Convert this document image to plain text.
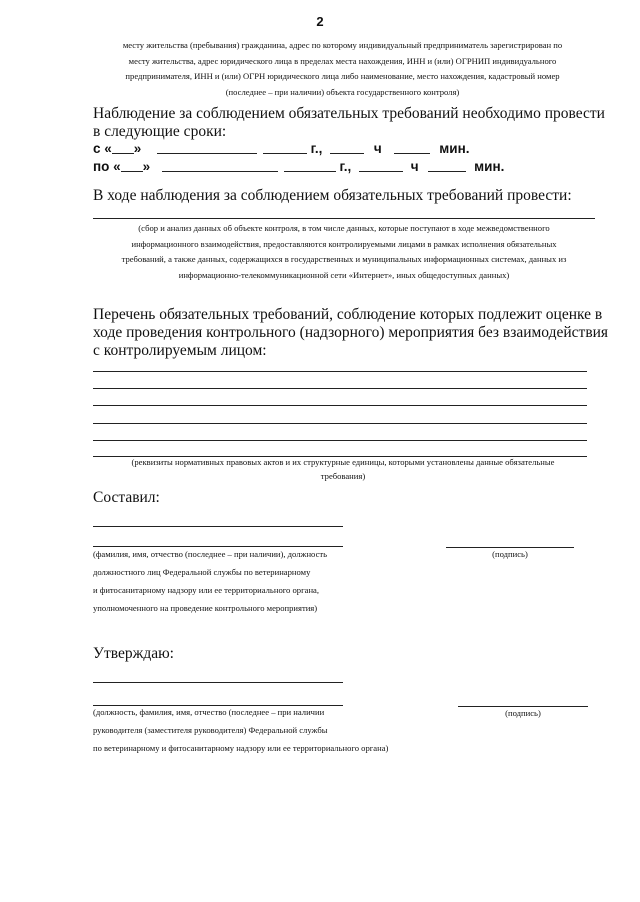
2
месту жительства (пребывания) гражданина, адрес по которому индивидуальный предприниматель зарегистрирован по
месту жительства, адрес юридического лица в пределах места нахождения, ИНН и (или) ОГРНИП индивидуального
предпринимателя, ИНН и (или) ОГРН юридического лица либо наименование, место нахождения, кадастровый номер
(последнее – при наличии) объекта государственного контроля)
Наблюдение за соблюдением обязательных требований необходимо провести
в следующие сроки:
с « »	г.,	ч	мин.
по « »	г.,	ч	мин.
В ходе наблюдения за соблюдением обязательных требований провести:
(сбор и анализ данных об объекте контроля, в том числе данных, которые поступают в ходе межведомственного
информационного взаимодействия, предоставляются контролируемыми лицами в рамках исполнения обязательных
требований, а также данных, содержащихся в государственных и муниципальных информационных системах, данных из
информационно-телекоммуникационной сети «Интернет», иных общедоступных данных)
Перечень обязательных требований, соблюдение которых подлежит оценке в
ходе проведения контрольного (надзорного) мероприятия без взаимодействия
с контролируемым лицом:
(реквизиты нормативных правовых актов и их структурные единицы, которыми установлены данные обязательные
требования)
Составил:
(фамилия, имя, отчество (последнее – при наличии), должность
должностного лиц Федеральной службы по ветеринарному
и фитосанитарному надзору или ее территориального органа,
уполномоченного на проведение контрольного мероприятия)
(подпись)
Утверждаю:
(должность, фамилия, имя, отчество (последнее – при наличии
руководителя (заместителя руководителя) Федеральной службы
по ветеринарному и фитосанитарному надзору или ее территориального органа)
(подпись)
